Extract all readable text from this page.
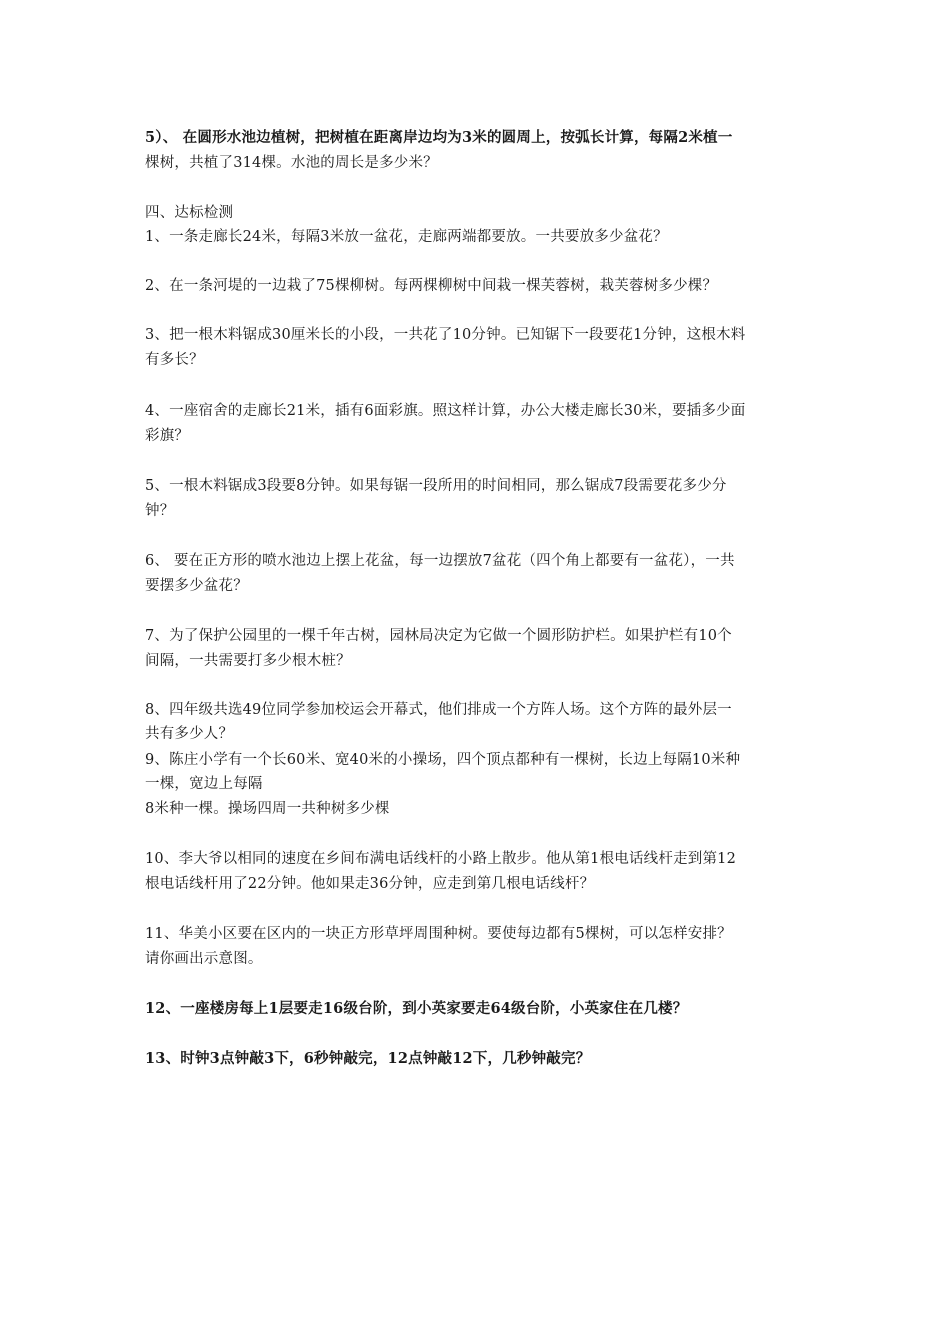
5）、 在圆形水池边植树，把树植在距离岸边均为3米的圆周上，按弧长计算，每隔2米植一
棵树，共植了314棵。水池的周长是多少米？
四、达标检测
1、一条走廊长24米，每隔3米放一盆花，走廊两端都要放。一共要放多少盆花？
2、在一条河堤的一边栽了75棵柳树。每两棵柳树中间栽一棵芙蓉树，栽芙蓉树多少棵？
3、把一根木料锯成30厘米长的小段，一共花了10分钟。已知锯下一段要花1分钟，这根木料
有多长？
4、一座宿舍的走廊长21米，插有6面彩旗。照这样计算，办公大楼走廊长30米，要插多少面
彩旗？
5、一根木料锯成3段要8分钟。如果每锯一段所用的时间相同，那么锯成7段需要花多少分
钟？
6、 要在正方形的喷水池边上摆上花盆，每一边摆放7盆花（四个角上都要有一盆花），一共
要摆多少盆花？
7、为了保护公园里的一棵千年古树，园林局决定为它做一个圆形防护栏。如果护栏有10个
间隔，一共需要打多少根木桩？
8、四年级共选49位同学参加校运会开幕式，他们排成一个方阵人场。这个方阵的最外层一
共有多少人？
9、陈庄小学有一个长60米、宽40米的小操场，四个顶点都种有一棵树，长边上每隔10米种
一棵，宽边上每隔
8米种一棵。操场四周一共种树多少棵
10、李大爷以相同的速度在乡间布满电话线杆的小路上散步。他从第1根电话线杆走到第12
根电话线杆用了22分钟。他如果走36分钟，应走到第几根电话线杆？
11、华美小区要在区内的一块正方形草坪周围种树。要使每边都有5棵树，可以怎样安排？
请你画出示意图。
12、一座楼房每上1层要走16级台阶，到小英家要走64级台阶，小英家住在几楼？
13、时钟3点钟敲3下，6秒钟敲完，12点钟敲12下，几秒钟敲完？
